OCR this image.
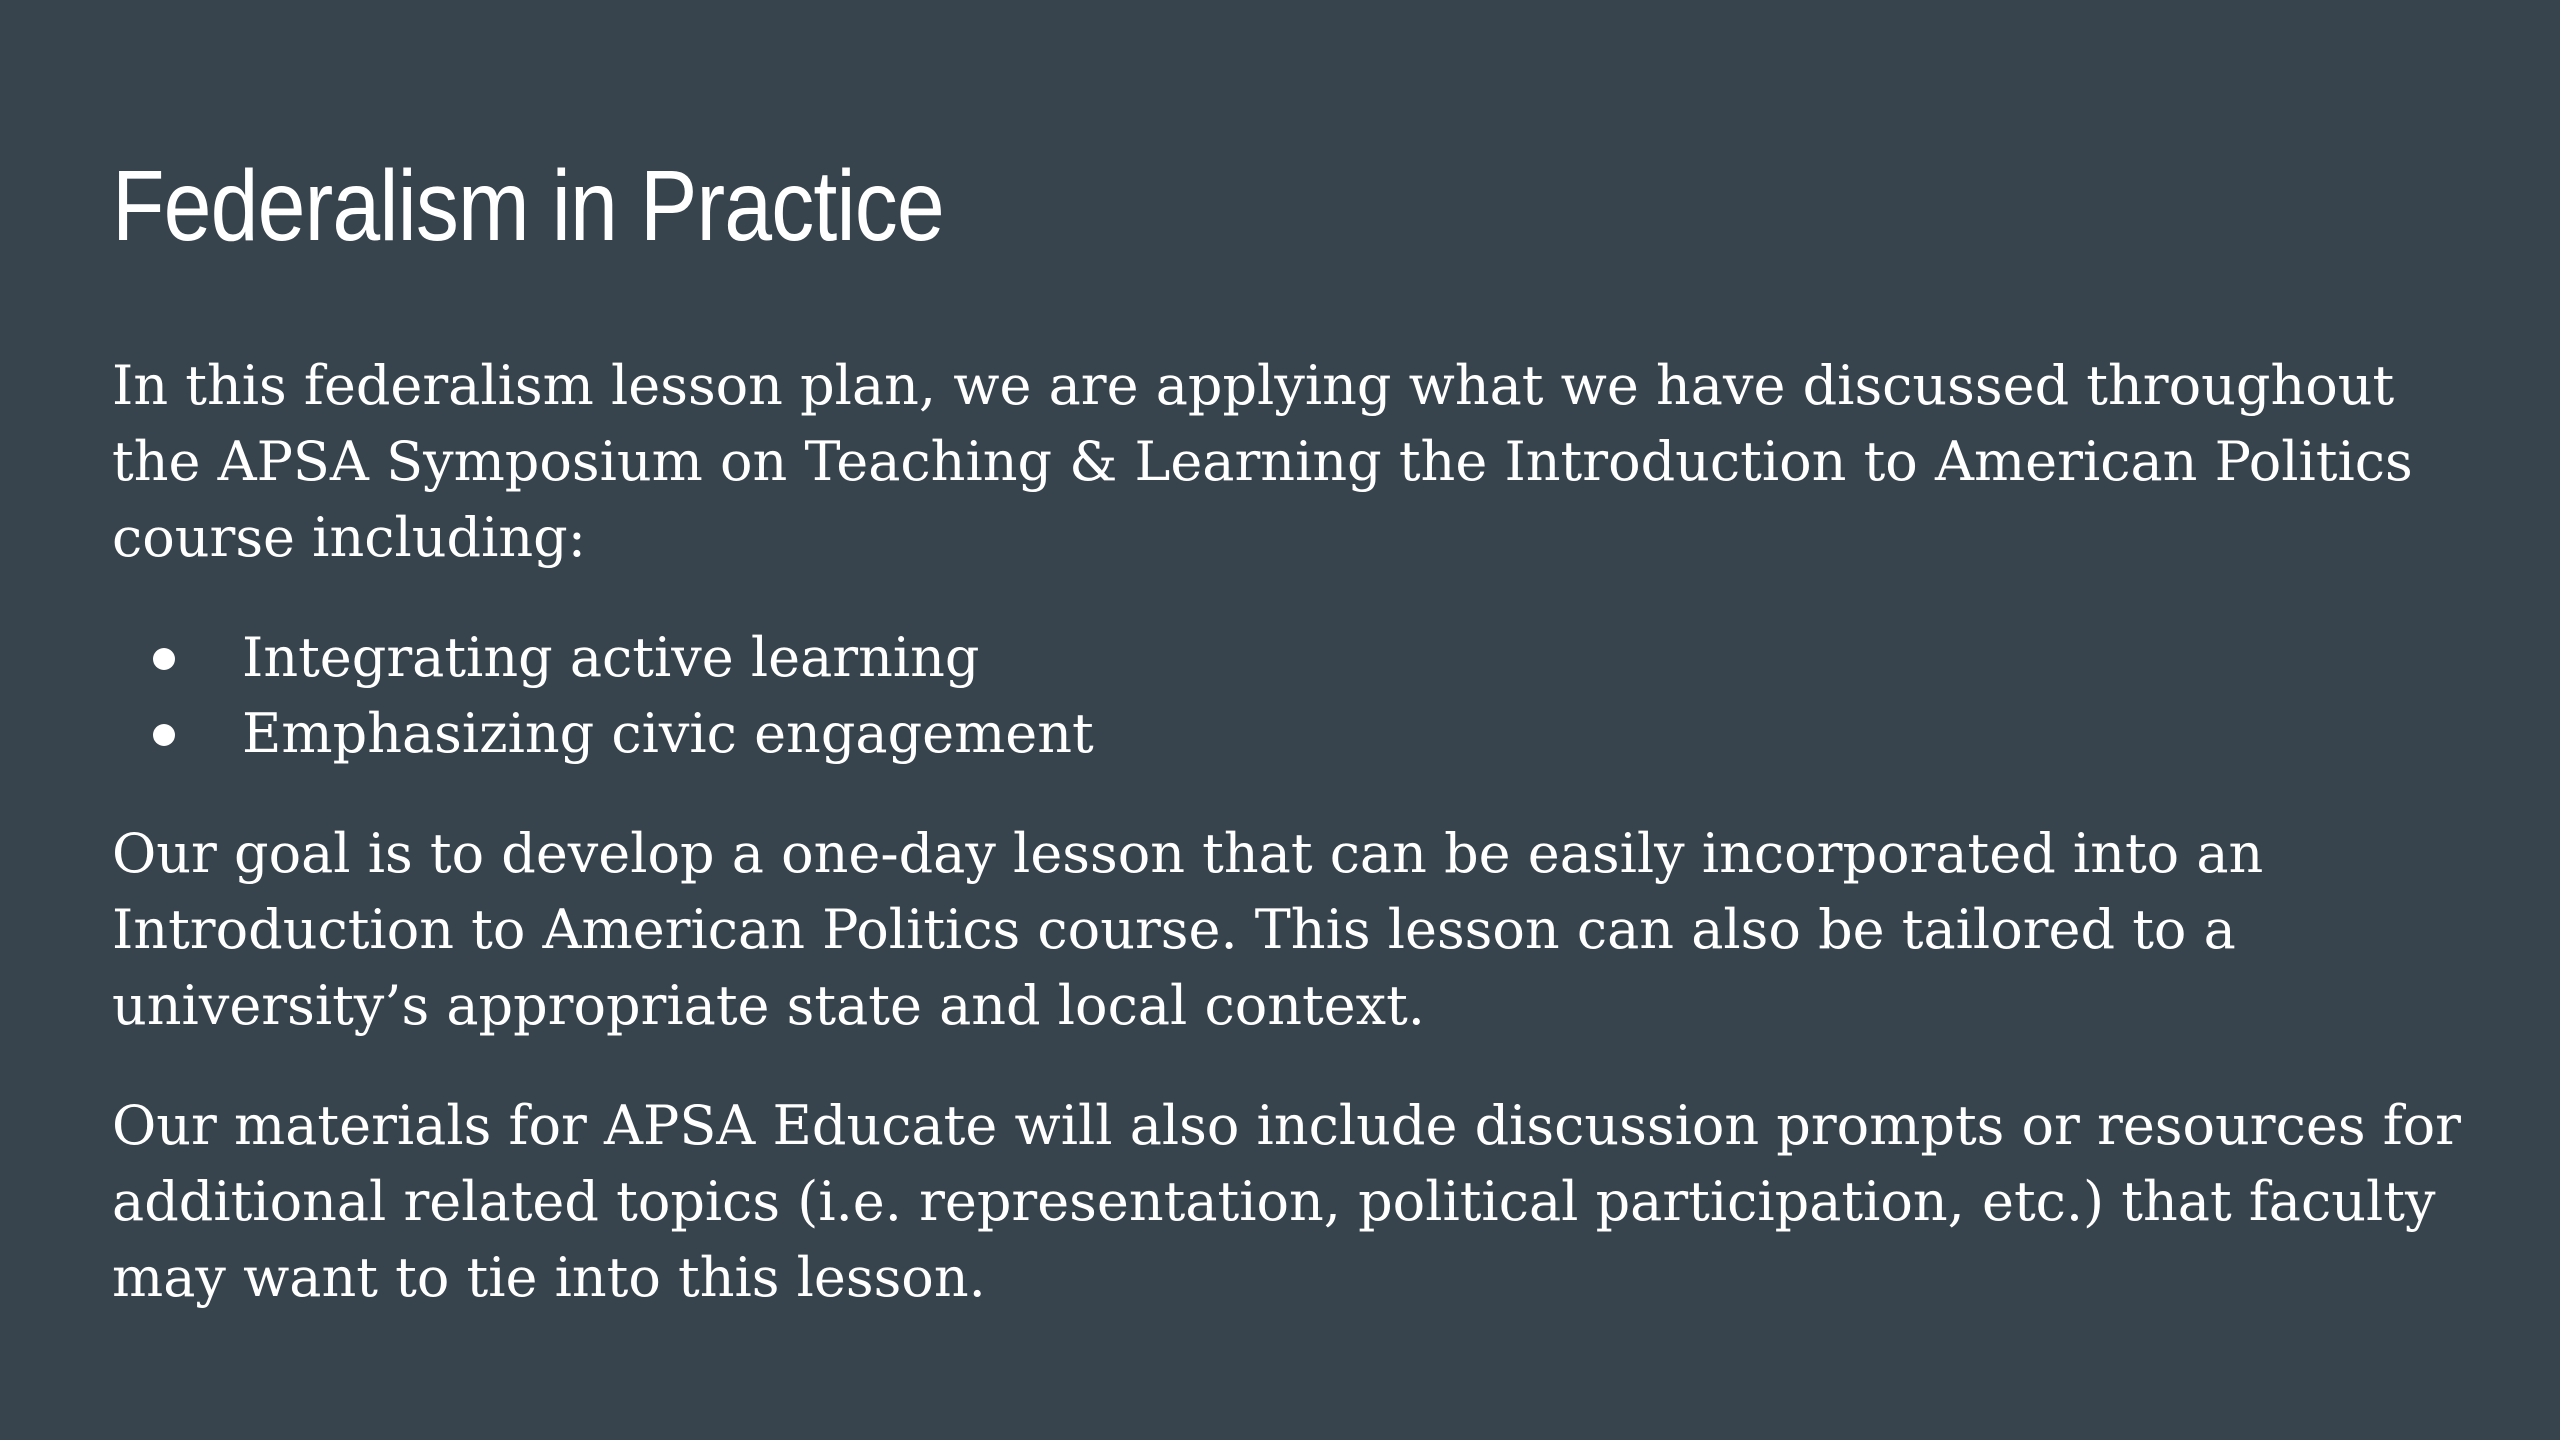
Federalism in Practice

In this federalism lesson plan, we are applying what we have discussed throughout the APSA Symposium on Teaching & Learning the Introduction to American Politics course including:

Integrating active learning
Emphasizing civic engagement

Our goal is to develop a one-day lesson that can be easily incorporated into an Introduction to American Politics course. This lesson can also be tailored to a university’s appropriate state and local context.

Our materials for APSA Educate will also include discussion prompts or resources for additional related topics (i.e. representation, political participation, etc.) that faculty may want to tie into this lesson.
